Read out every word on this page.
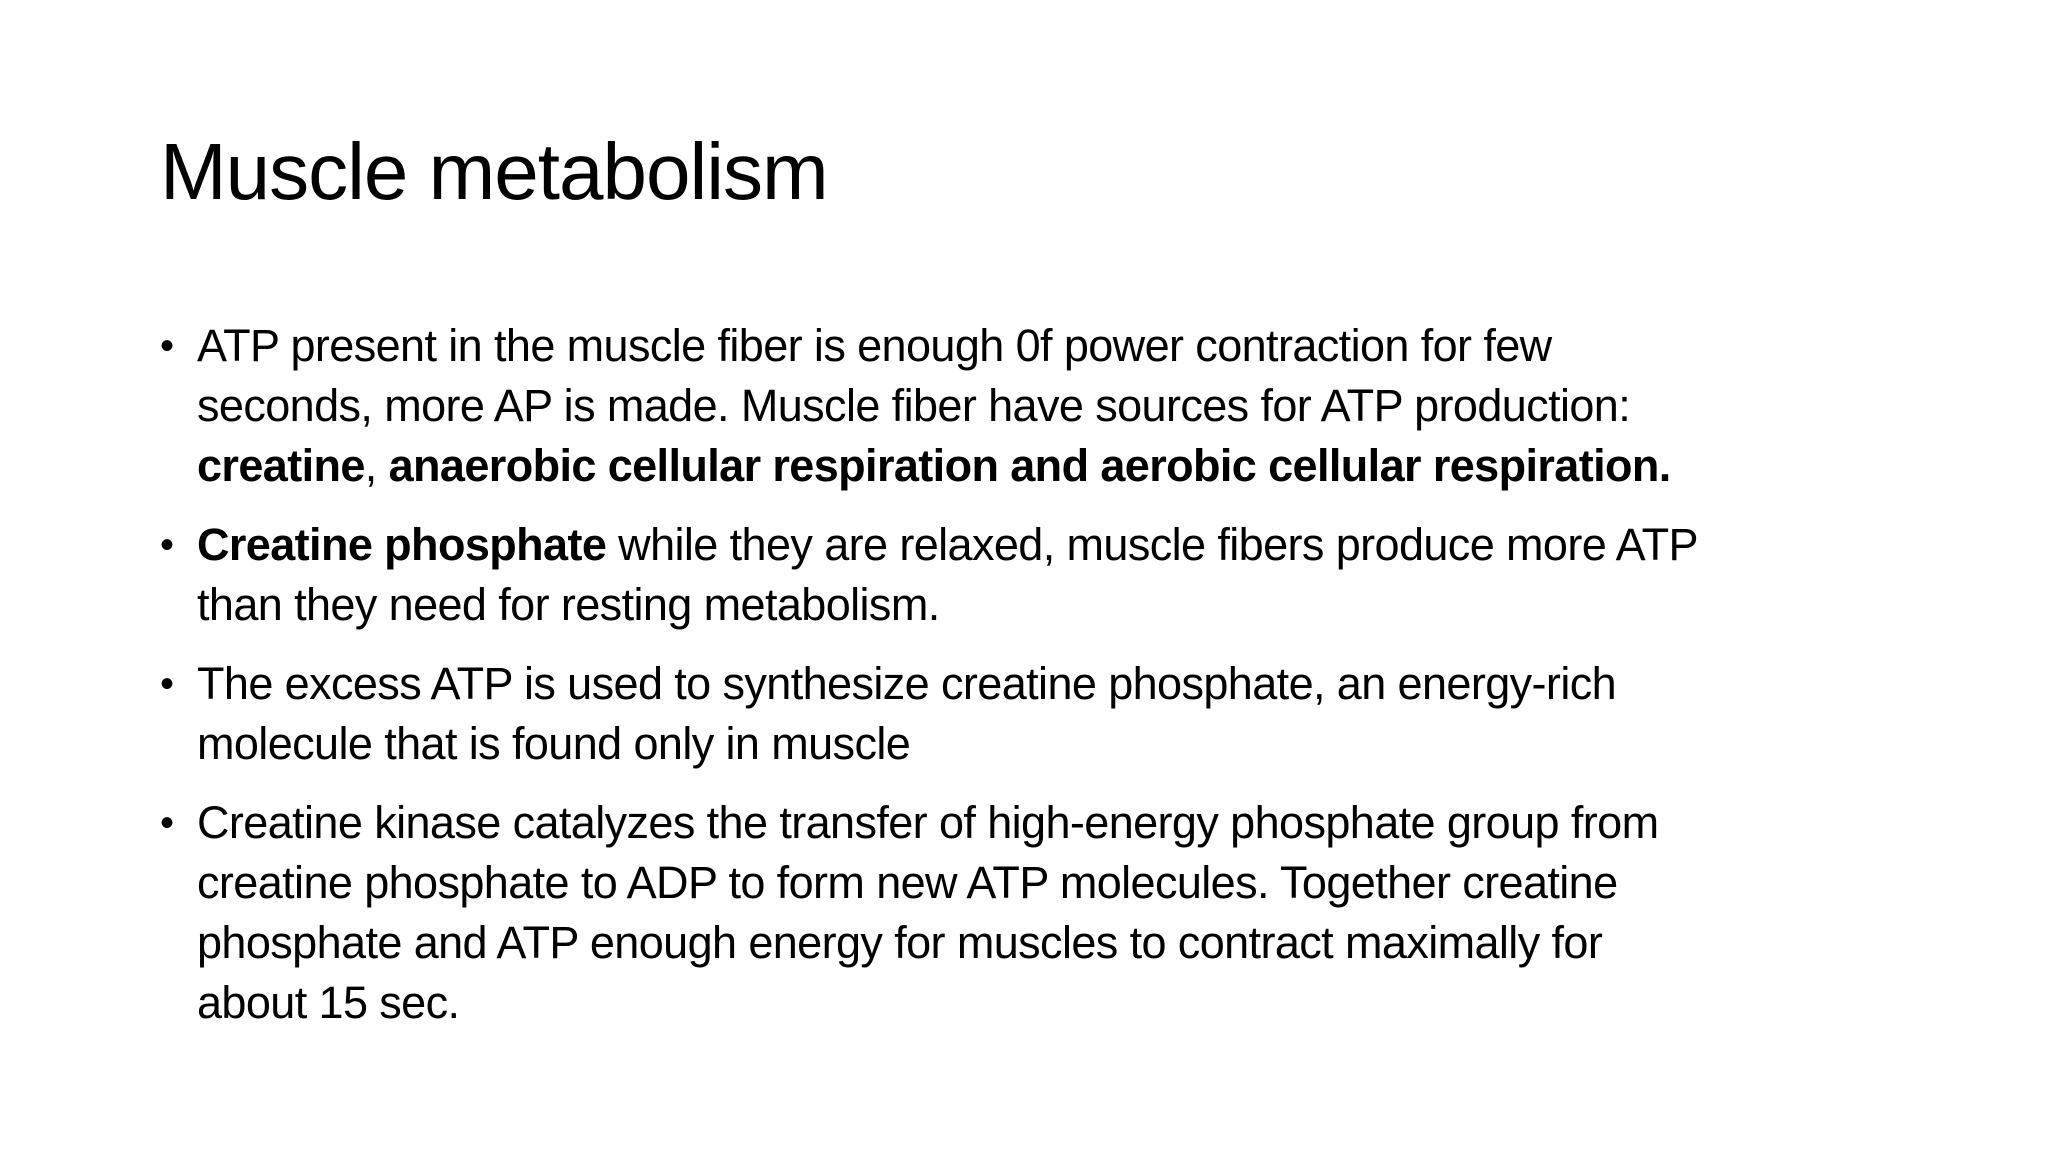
Muscle metabolism
• ATP present in the muscle fiber is enough 0f power contraction for few
seconds, more AP is made. Muscle fiber have sources for ATP production:
creatine, anaerobic cellular respiration and aerobic cellular respiration.
• Creatine phosphate while they are relaxed, muscle fibers produce more ATP
than they need for resting metabolism.
• The excess ATP is used to synthesize creatine phosphate, an energy-rich
molecule that is found only in muscle
• Creatine kinase catalyzes the transfer of high-energy phosphate group from
creatine phosphate to ADP to form new ATP molecules. Together creatine
phosphate and ATP enough energy for muscles to contract maximally for
about 15 sec.
